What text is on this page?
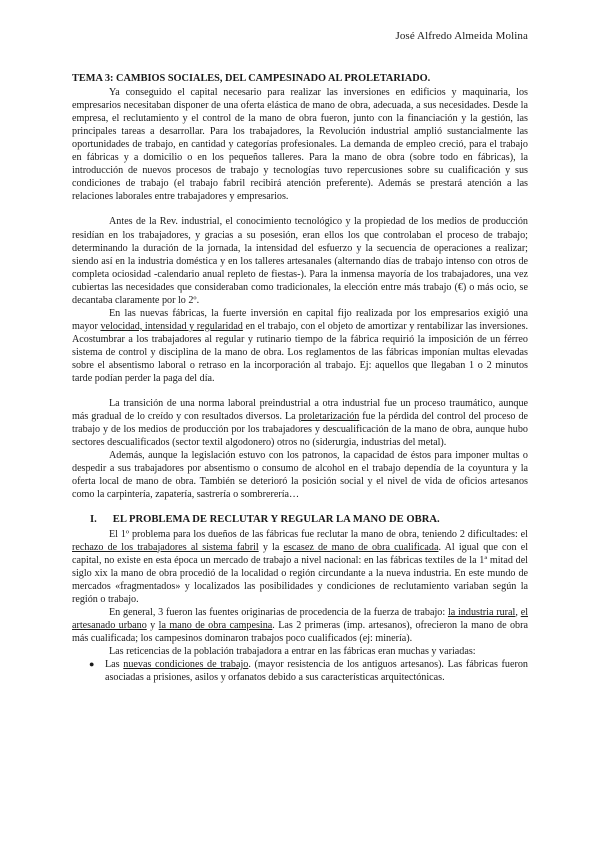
José Alfredo Almeida Molina
TEMA 3: CAMBIOS SOCIALES, DEL CAMPESINADO AL PROLETARIADO.

Ya conseguido el capital necesario para realizar las inversiones en edificios y maquinaria, los empresarios necesitaban disponer de una oferta elástica de mano de obra, adecuada, a sus necesidades. Desde la empresa, el reclutamiento y el control de la mano de obra fueron, junto con la financiación y la gestión, las principales tareas a desarrollar. Para los trabajadores, la Revolución industrial amplió sustancialmente las oportunidades de trabajo, en cantidad y categorías profesionales. La demanda de empleo creció, para el trabajo en fábricas y a domicilio o en los pequeños talleres. Para la mano de obra (sobre todo en fábricas), la introducción de nuevos procesos de trabajo y tecnologías tuvo repercusiones sobre su cualificación y sus condiciones de trabajo (el trabajo fabril recibirá atención preferente). Además se prestará atención a las relaciones laborales entre trabajadores y empresarios.

Antes de la Rev. industrial, el conocimiento tecnológico y la propiedad de los medios de producción residían en los trabajadores, y gracias a su posesión, eran ellos los que controlaban el proceso de trabajo; determinando la duración de la jornada, la intensidad del esfuerzo y la secuencia de operaciones a realizar; siendo así en la industria doméstica y en los talleres artesanales (alternando días de trabajo intenso con otros de completa ociosidad -calendario anual repleto de fiestas-). Para la inmensa mayoría de los trabajadores, una vez cubiertas las necesidades que consideraban como tradicionales, la elección entre más trabajo (€) o más ocio, se decantaba claramente por lo 2º.

En las nuevas fábricas, la fuerte inversión en capital fijo realizada por los empresarios exigió una mayor velocidad, intensidad y regularidad en el trabajo, con el objeto de amortizar y rentabilizar las inversiones. Acostumbrar a los trabajadores al regular y rutinario tiempo de la fábrica requirió la imposición de un férreo sistema de control y disciplina de la mano de obra. Los reglamentos de las fábricas imponían multas elevadas sobre el absentismo laboral o retraso en la incorporación al trabajo. Ej: aquellos que llegaban 1 o 2 minutos tarde podían perder la paga del día.

La transición de una norma laboral preindustrial a otra industrial fue un proceso traumático, aunque más gradual de lo creído y con resultados diversos. La proletarización fue la pérdida del control del proceso de trabajo y de los medios de producción por los trabajadores y descualificación de la mano de obra, aunque hubo sectores descualificados (sector textil algodonero) otros no (siderurgia, industrias del metal).

Además, aunque la legislación estuvo con los patronos, la capacidad de éstos para imponer multas o despedir a sus trabajadores por absentismo o consumo de alcohol en el trabajo dependía de la coyuntura y la oferta local de mano de obra. También se deterioró la posición social y el nivel de vida de oficios artesanos como la carpintería, zapatería, sastrería o sombrerería…

I. EL PROBLEMA DE RECLUTAR Y REGULAR LA MANO DE OBRA.

El 1º problema para los dueños de las fábricas fue reclutar la mano de obra, teniendo 2 dificultades: el rechazo de los trabajadores al sistema fabril y la escasez de mano de obra cualificada. Al igual que con el capital, no existe en esta época un mercado de trabajo a nivel nacional: en las fábricas textiles de la 1ª mitad del siglo xix la mano de obra procedió de la localidad o región circundante a la nueva industria. En este mundo de mercados «fragmentados» y localizados las posibilidades y condiciones de reclutamiento variaban según la región o trabajo.

En general, 3 fueron las fuentes originarias de procedencia de la fuerza de trabajo: la industria rural, el artesanado urbano y la mano de obra campesina. Las 2 primeras (imp. artesanos), ofrecieron la mano de obra más cualificada; los campesinos dominaron trabajos poco cualificados (ej: minería).

Las reticencias de la población trabajadora a entrar en las fábricas eran muchas y variadas:

●	Las nuevas condiciones de trabajo. (mayor resistencia de los antiguos artesanos). Las fábricas fueron asociadas a prisiones, asilos y orfanatos debido a sus características arquitectónicas.
